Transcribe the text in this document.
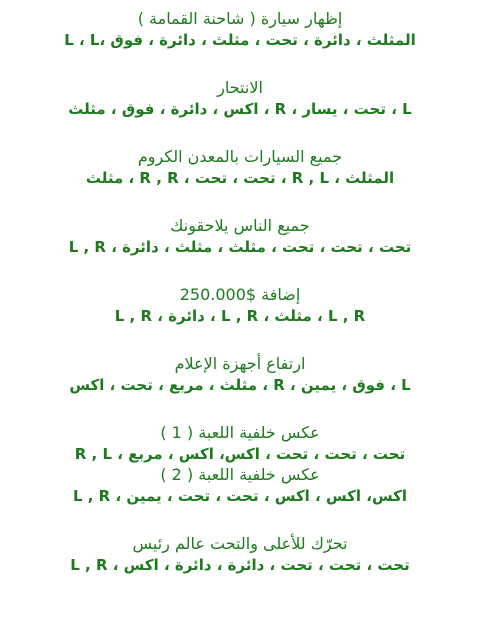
إظهار سيارة ( شاحنة القمامة )
المثلث ، دائرة ، تحت ، مثلث ، دائرة ، فوق ،L ، L
الانتحار
L ، تحت ، يسار ، R ، اكس ، دائرة ، فوق ، مثلث
جميع السيارات بالمعدن الكروم
المثلث ، R , L ، تحت ، تحت ، R , R ، مثلث
جميع الناس يلاحقونك
تحت ، تحت ، تحت ، مثلث ، مثلث ، دائرة ، L , R
إضافة $250.000
L , R ، مثلث ، L , R ، دائرة ، L , R
ارتفاع أجهزة الإعلام
L ، فوق ، يمين ، R ، مثلث ، مربع ، تحت ، اكس
عكس خلفية اللعبة ( 1 )
تحت ، تحت ، تحت ، اكس، اكس ، مربع ، R , L
عكس خلفية اللعبة ( 2 )
اكس، اكس ، اكس ، تحت ، تحت ، يمين ، L , R
تحرّك للأعلى والتحت عالم رئيس
تحت ، تحت ، تحت ، دائرة ، دائرة ، اكس ، L , R
